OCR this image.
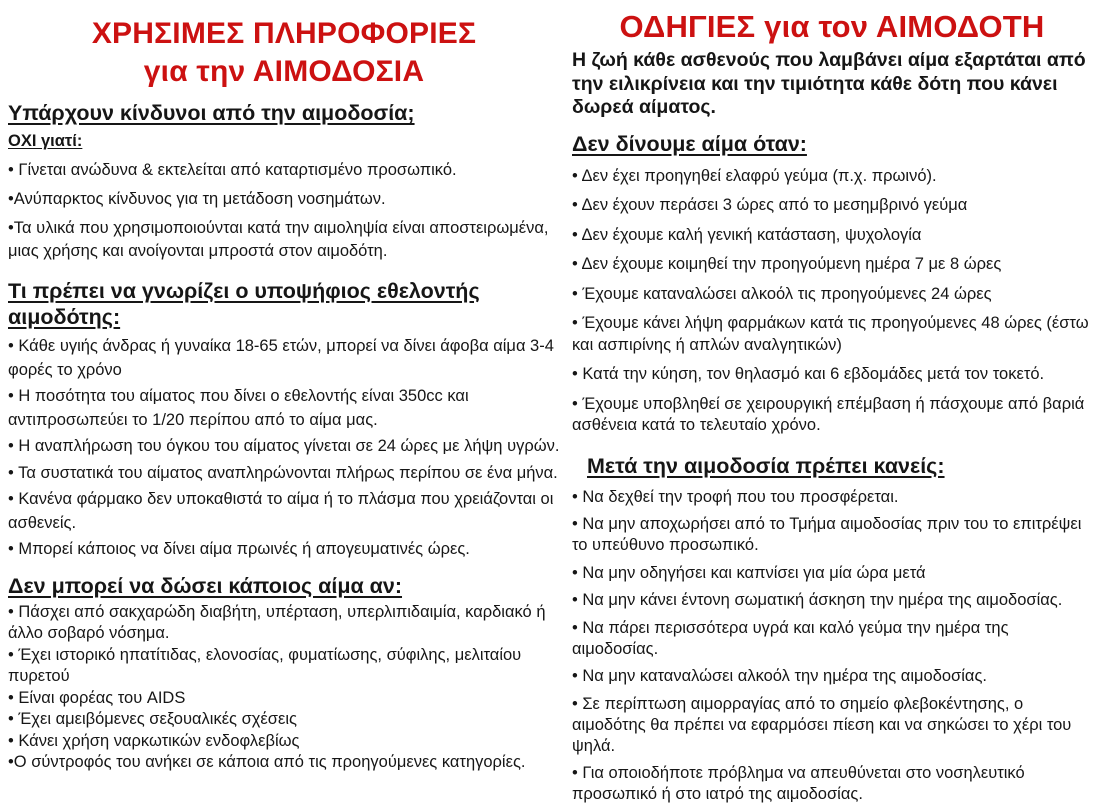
ΧΡΗΣΙΜΕΣ ΠΛΗΡΟΦΟΡΙΕΣ
για την ΑΙΜΟΔΟΣΙΑ
Υπάρχουν κίνδυνοι από την αιμοδοσία;
ΟΧΙ γιατί:

• Γίνεται ανώδυνα & εκτελείται από καταρτισμένο προσωπικό.

•Ανύπαρκτος κίνδυνος για τη μετάδοση νοσημάτων.

•Τα υλικά που χρησιμοποιούνται κατά την αιμοληψία είναι αποστειρωμένα, μιας χρήσης και ανοίγονται μπροστά στον αιμοδότη.

Τι πρέπει να γνωρίζει ο υποψήφιος εθελοντής αιμοδότης:

• Κάθε υγιής άνδρας ή γυναίκα 18-65 ετών, μπορεί να δίνει άφοβα αίμα 3-4 φορές το χρόνο

• Η ποσότητα του αίματος που δίνει ο εθελοντής είναι 350cc και αντιπροσωπεύει το 1/20 περίπου από το αίμα μας.

• Η αναπλήρωση του όγκου του αίματος γίνεται σε 24 ώρες με λήψη υγρών.

• Τα συστατικά του αίματος αναπληρώνονται πλήρως περίπου σε ένα μήνα.

• Κανένα φάρμακο δεν υποκαθιστά το αίμα ή το πλάσμα που χρειάζονται οι ασθενείς.

• Μπορεί κάποιος να δίνει αίμα πρωινές ή απογευματινές ώρες.

Δεν μπορεί να δώσει κάποιος αίμα αν:

• Πάσχει από σακχαρώδη διαβήτη, υπέρταση, υπερλιπιδαιμία, καρδιακό ή άλλο σοβαρό νόσημα.

• Έχει ιστορικό ηπατίτιδας, ελονοσίας, φυματίωσης, σύφιλης, μελιταίου πυρετού

• Είναι φορέας του AIDS

• Έχει αμειβόμενες σεξουαλικές σχέσεις

• Κάνει χρήση ναρκωτικών ενδοφλεβίως

•Ο σύντροφός του ανήκει σε κάποια από τις προηγούμενες κατηγορίες.

ΟΔΗΓΙΕΣ για τον ΑΙΜΟΔΟΤΗ

Η ζωή κάθε ασθενούς που λαμβάνει αίμα εξαρτάται από την ειλικρίνεια και την τιμιότητα κάθε δότη που κάνει δωρεά αίματος.

Δεν δίνουμε αίμα όταν:

• Δεν έχει προηγηθεί ελαφρύ γεύμα (π.χ. πρωινό).

• Δεν έχουν περάσει 3 ώρες από το μεσημβρινό γεύμα

• Δεν έχουμε καλή γενική κατάσταση, ψυχολογία

• Δεν έχουμε κοιμηθεί την προηγούμενη ημέρα 7 με 8 ώρες

• Έχουμε καταναλώσει αλκοόλ τις προηγούμενες 24 ώρες

• Έχουμε κάνει λήψη φαρμάκων κατά τις προηγούμενες 48 ώρες (έστω και ασπιρίνης ή απλών αναλγητικών)

• Κατά την κύηση, τον θηλασμό και 6 εβδομάδες μετά τον τοκετό.

• Έχουμε υποβληθεί σε χειρουργική επέμβαση ή πάσχουμε από βαριά ασθένεια κατά το τελευταίο χρόνο.

Μετά την αιμοδοσία πρέπει κανείς:

• Να δεχθεί την τροφή που του προσφέρεται.

• Να μην αποχωρήσει από το Τμήμα αιμοδοσίας πριν του το επιτρέψει το υπεύθυνο προσωπικό.

• Να μην οδηγήσει και καπνίσει για μία ώρα μετά

• Να μην κάνει έντονη σωματική άσκηση την ημέρα της αιμοδοσίας.

• Να πάρει περισσότερα υγρά και καλό γεύμα την ημέρα της αιμοδοσίας.

• Να μην καταναλώσει αλκοόλ την ημέρα της αιμοδοσίας.

• Σε περίπτωση αιμορραγίας από το σημείο φλεβοκέντησης, ο αιμοδότης θα πρέπει να εφαρμόσει πίεση και να σηκώσει το χέρι του ψηλά.

• Για οποιοδήποτε πρόβλημα να απευθύνεται στο νοσηλευτικό προσωπικό ή στο ιατρό της αιμοδοσίας.
